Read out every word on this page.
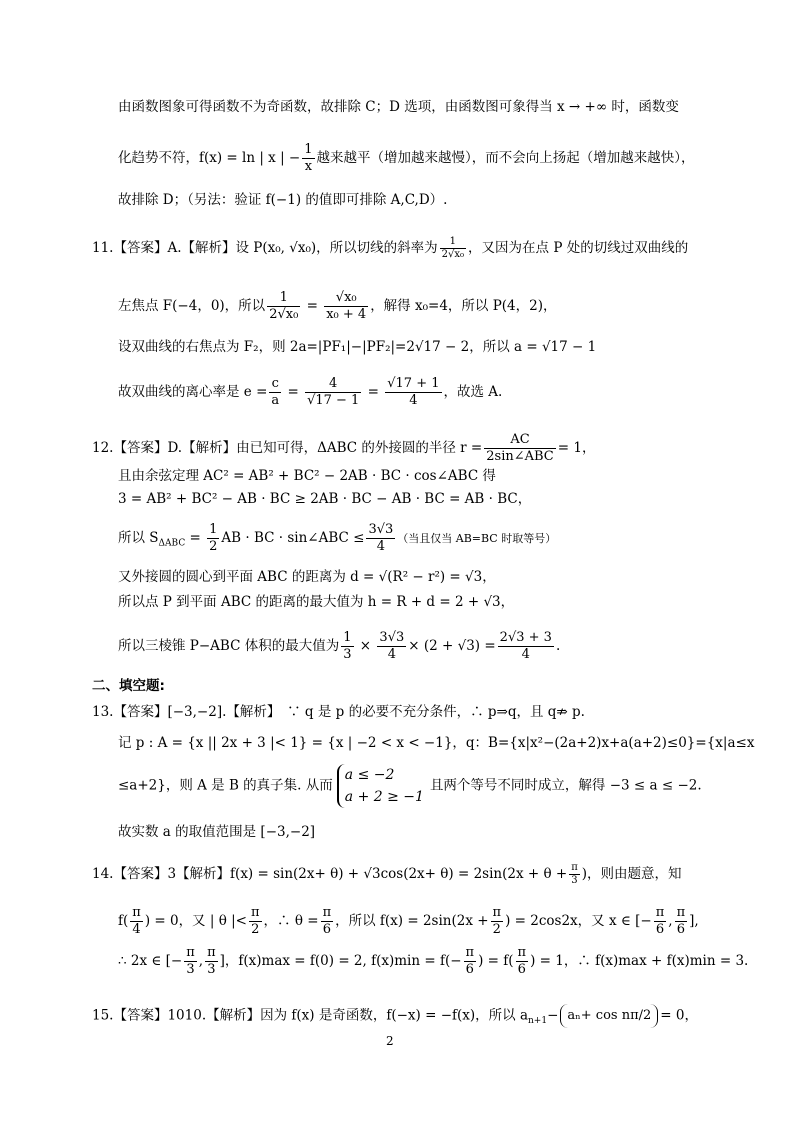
由函数图象可得函数不为奇函数，故排除 C；D 选项，由函数图可象得当 x → +∞ 时，函数变
化趋势不符，f(x) = ln | x | − $\frac{1}{x}$ 越来越平（增加越来越慢），而不会向上扬起（增加越来越快），
故排除 D；（另法：验证 f(−1) 的值即可排除 A,C,D）.
11.【答案】A.【解析】设 P(x₀, √x₀)，所以切线的斜率为 $\frac{1}{\text{2√x₀}}$ ，又因为在点 P 处的切线过双曲线的
左焦点 F(−4，0)，所以 $\frac{1}{\text{2√x₀}} = \frac{\text{√x₀}}{\text{x₀ + 4}}$ ，解得 x₀=4，所以 P(4，2)，
设双曲线的右焦点为 F₂，则 2a=|PF₁|−|PF₂|=2√17 − 2，所以 a = √17 − 1
故双曲线的离心率是 $e = \frac{c}{a} = \frac{4}{√17 - 1} = \frac{√17 + 1}{4}$ ，故选 A.
12.【答案】D.【解析】由已知可得，ΔABC 的外接圆的半径 $r = \frac{AC}{\text{2sin∠ABC}} = 1$，
且由余弦定理 AC² = AB² + BC² − 2AB · BC · cos∠ABC 得
3 = AB² + BC² − AB · BC ≥ 2AB · BC − AB · BC = AB · BC，
所以 $S_{\Delta ABC} = \frac{1}{2}$ AB · BC · sin∠ABC ≤ $\frac{3√3}{4}$ （当且仅当 AB=BC 时取等号）
又外接圆的圆心到平面 ABC 的距离为 d = √(R² − r²) = √3，
所以点 P 到平面 ABC 的距离的最大值为 h = R + d = 2 + √3，
所以三棱锥 P−ABC 体积的最大值为 $\frac{1}{3} \times \frac{3√3}{4} \times (2 + √3) = \frac{2√3 + 3}{4}$ .
二、填空题:
13.【答案】[−3,−2].【解析】　∵ q 是 p 的必要不充分条件，∴ p⇒q，且 q⇏ p.
记 p : A = {x || 2x + 3 |< 1} = {x | −2 < x < −1}，q：B={x|x²−(2a+2)x+a(a+2)≤0}={x|a≤x
≤a+2}，则 A 是 B 的真子集. 从而
a ≤ −2
a + 2 ≥ −1
且两个等号不同时成立，解得 −3 ≤ a ≤ −2.
故实数 a 的取值范围是 [−3,−2]
14.【答案】3【解析】$f(x) = \sin(2x+ \theta) + √3\cos(2x+ \theta) = 2\sin(2x + \theta + \frac{\pi}{3}$ )，则由题意，知
$f( \frac{\pi}{4}$ ) = 0，又 | θ |< $\frac{\pi}{2}$ ，∴ $\theta = \frac{\pi}{6}$ ，所以 $f(x) = 2\sin(2x + \frac{\pi}{2}$ ) = 2cos2x，又 x ∈ [− $\frac{\pi}{6}$ , $\frac{\pi}{6}$ ],
∴ 2x ∈ [− $\frac{\pi}{3}$ , $\frac{\pi}{3}$ ]，f(x)max = f(0) = 2, $f(x)\min = f(- \frac{\pi}{6}$ ) = $f( \frac{\pi}{6}$ ) = 1，∴ f(x)max + f(x)min = 3.
15.【答案】1010.【解析】因为 f(x) 是奇函数，f(−x) = −f(x)，所以 $a_{n+1}- a_n+ \cos n\pi/2 = 0$，
2
